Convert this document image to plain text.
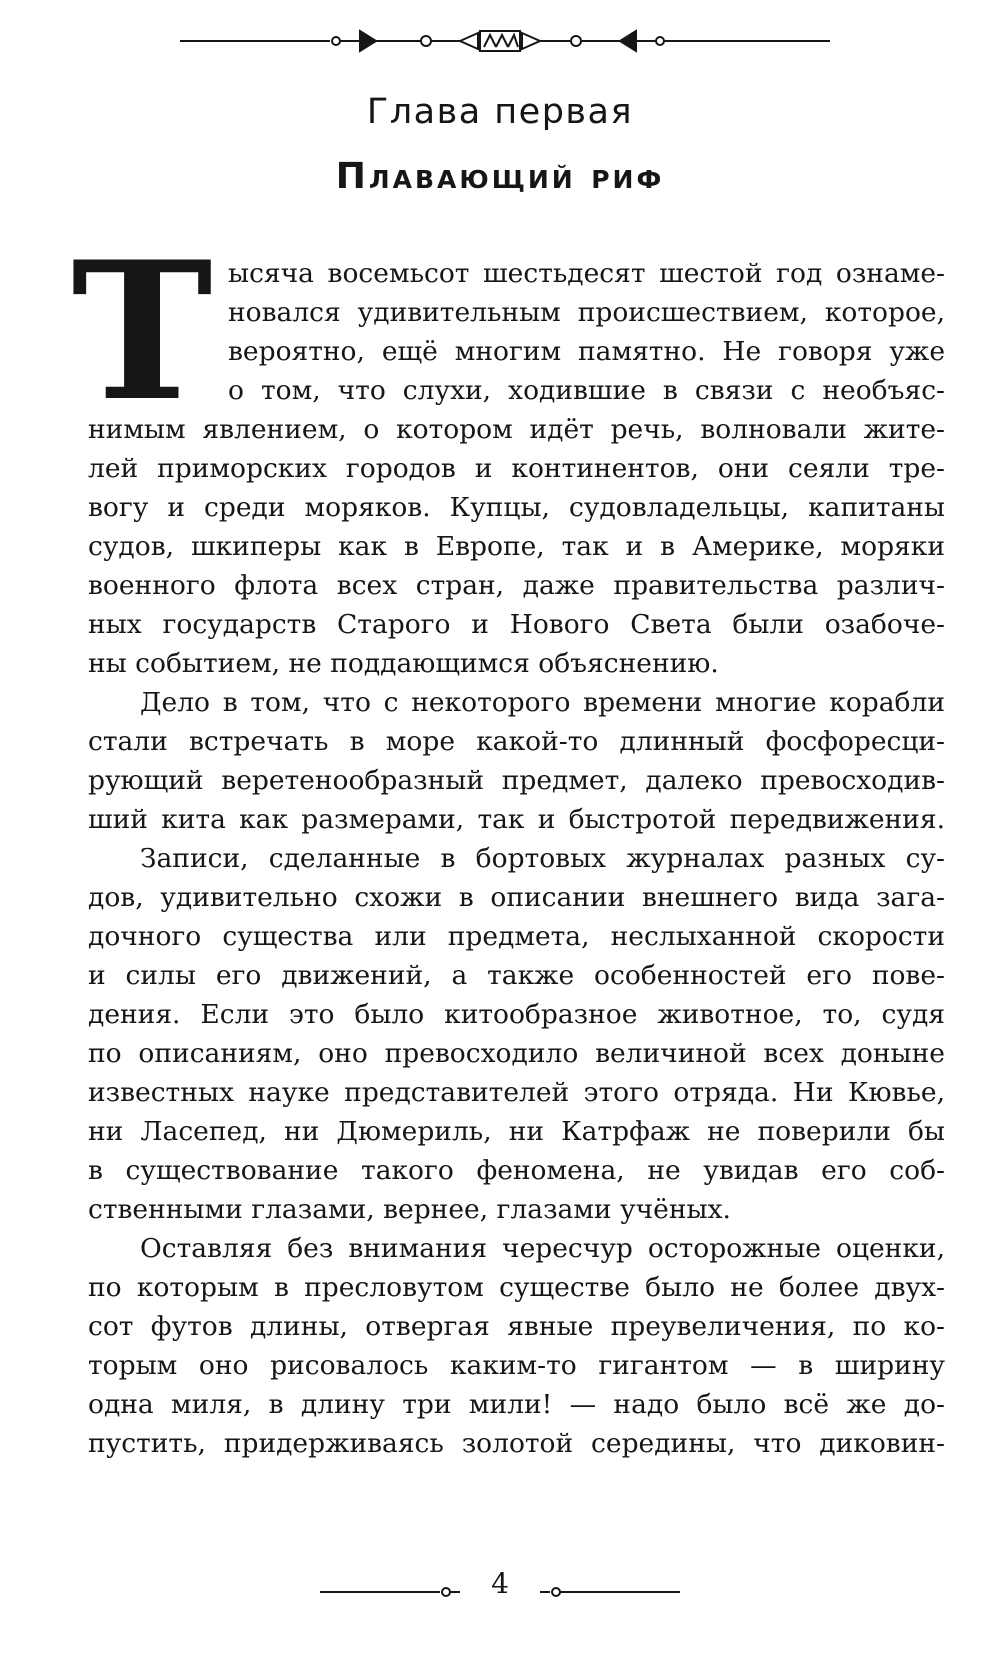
Глава первая
Плавающий риф
Т ысячa восемьсот шестьдесят шестой год ознаме-
новался удивительным происшествием, которое,
вероятно, ещё многим памятно. Не говоря уже
о том, что слухи, ходившие в связи с необъяс-
нимым явлением, о котором идёт речь, волновали жите-
лей приморских городов и континентов, они сеяли тре-
вогу и среди моряков. Купцы, судовладельцы, капитаны
судов, шкиперы как в Европе, так и в Америке, моряки
военного флота всех стран, даже правительства различ-
ных государств Старого и Нового Света были озабоче-
ны событием, не поддающимся объяснению.
Дело в том, что с некоторого времени многие корабли
стали встречать в море какой-то длинный фосфоресци-
рующий веретенообразный предмет, далеко превосходив-
ший кита как размерами, так и быстротой передвижения.
Записи, сделанные в бортовых журналах разных су-
дов, удивительно схожи в описании внешнего вида зага-
дочного существа или предмета, неслыханной скорости
и силы его движений, а также особенностей его пове-
дения. Если это было китообразное животное, то, судя
по описаниям, оно превосходило величиной всех доныне
известных науке представителей этого отряда. Ни Кювье,
ни Ласепед, ни Дюмериль, ни Катрфаж не поверили бы
в существование такого феномена, не увидав его соб-
ственными глазами, вернее, глазами учёных.
Оставляя без внимания чересчур осторожные оценки,
по которым в пресловутом существе было не более двух-
сот футов длины, отвергая явные преувеличения, по ко-
торым оно рисовалось каким-то гигантом — в ширину
одна миля, в длину три мили! — надо было всё же до-
пустить, придерживаясь золотой середины, что диковин-
4
